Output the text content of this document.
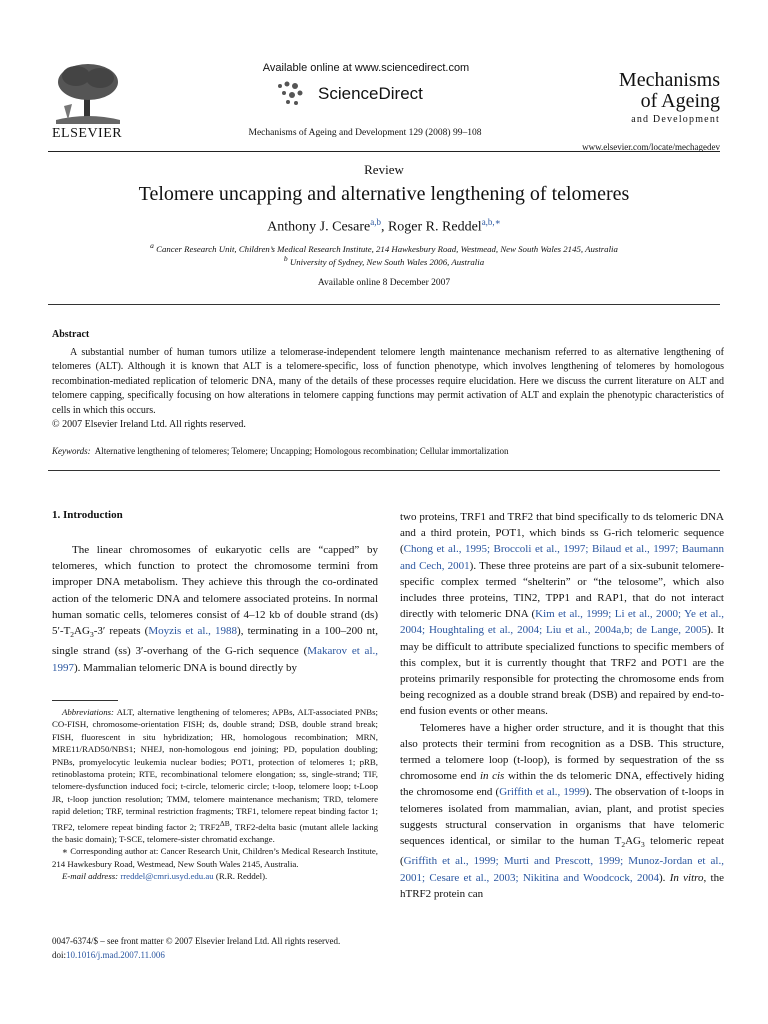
ELSEVIER
Available online at www.sciencedirect.com
ScienceDirect
Mechanisms of Ageing and Development 129 (2008) 99–108
Mechanisms
of Ageing
and Development
www.elsevier.com/locate/mechagedev
Review
Telomere uncapping and alternative lengthening of telomeres
Anthony J. Cesare$^{a,b}$, Roger R. Reddel$^{a,b,∗}$
$^a$ Cancer Research Unit, Children’s Medical Research Institute, 214 Hawkesbury Road, Westmead, New South Wales 2145, Australia
$^b$ University of Sydney, New South Wales 2006, Australia
Available online 8 December 2007
Abstract
A substantial number of human tumors utilize a telomerase-independent telomere length maintenance mechanism referred to as alternative lengthening of telomeres (ALT). Although it is known that ALT is a telomere-specific, loss of function phenotype, which involves lengthening of telomeres by homologous recombination-mediated replication of telomeric DNA, many of the details of these processes require elucidation. Here we discuss the current literature on ALT and telomere capping, specifically focusing on how alterations in telomere capping functions may permit activation of ALT and explain the phenotypic characteristics of cells in which this occurs.
© 2007 Elsevier Ireland Ltd. All rights reserved.
Keywords: Alternative lengthening of telomeres; Telomere; Uncapping; Homologous recombination; Cellular immortalization
1. Introduction

The linear chromosomes of eukaryotic cells are “capped” by telomeres, which function to protect the chromosome termini from improper DNA metabolism. They achieve this through the co-ordinated action of the telomeric DNA and telomere associated proteins. In normal human somatic cells, telomeres consist of 4–12 kb of double strand (ds) $5'-T_2AG_3-3'$ repeats (Moyzis et al., 1988), terminating in a 100–200 nt, single strand (ss) 3′-overhang of the G-rich sequence (Makarov et al., 1997). Mammalian telomeric DNA is bound directly by

Abbreviations: ALT, alternative lengthening of telomeres; APBs, ALT-associated PNBs; CO-FISH, chromosome-orientation FISH; ds, double strand; DSB, double strand break; FISH, fluorescent in situ hybridization; HR, homologous recombination; MRN, MRE11/RAD50/NBS1; NHEJ, non-homologous end joining; PD, population doubling; PNBs, promyelocytic leukemia nuclear bodies; POT1, protection of telomeres 1; pRB, retinoblastoma protein; RTE, recombinational telomere elongation; ss, single-strand; TIF, telomere-dysfunction induced foci; t-circle, telomeric circle; t-loop, telomere loop; t-Loop JR, t-loop junction resolution; TMM, telomere maintenance mechanism; TRD, telomere rapid deletion; TRF, terminal restriction fragments; TRF1, telomere repeat binding factor 1; TRF2, telomere repeat binding factor 2; $TRF2^{\Delta B}$, TRF2-delta basic (mutant allele lacking the basic domain); T-SCE, telomere-sister chromatid exchange.

∗ Corresponding author at: Cancer Research Unit, Children’s Medical Research Institute, 214 Hawkesbury Road, Westmead, New South Wales 2145, Australia.

E-mail address: rreddel@cmri.usyd.edu.au (R.R. Reddel).

0047-6374/$ – see front matter © 2007 Elsevier Ireland Ltd. All rights reserved.
doi:10.1016/j.mad.2007.11.006

two proteins, TRF1 and TRF2 that bind specifically to ds telomeric DNA and a third protein, POT1, which binds ss G-rich telomeric sequence (Chong et al., 1995; Broccoli et al., 1997; Bilaud et al., 1997; Baumann and Cech, 2001). These three proteins are part of a six-subunit telomere-specific complex termed “shelterin” or “the telosome”, which also includes three proteins, TIN2, TPP1 and RAP1, that do not interact directly with telomeric DNA (Kim et al., 1999; Li et al., 2000; Ye et al., 2004; Houghtaling et al., 2004; Liu et al., 2004a,b; de Lange, 2005). It may be difficult to attribute specialized functions to specific members of this complex, but it is currently thought that TRF2 and POT1 are the proteins primarily responsible for protecting the chromosome ends from being recognized as a double strand break (DSB) and repaired by end-to-end fusion events or other means.

Telomeres have a higher order structure, and it is thought that this also protects their termini from recognition as a DSB. This structure, termed a telomere loop (t-loop), is formed by sequestration of the ss chromosome end in cis within the ds telomeric DNA, effectively hiding the chromosome end (Griffith et al., 1999). The observation of t-loops in telomeres isolated from mammalian, avian, plant, and protist species suggests structural conservation in organisms that have telomeric sequences identical, or similar to the human $T_2AG_3$ telomeric repeat (Griffith et al., 1999; Murti and Prescott, 1999; Munoz-Jordan et al., 2001; Cesare et al., 2003; Nikitina and Woodcock, 2004). In vitro, the hTRF2 protein can
